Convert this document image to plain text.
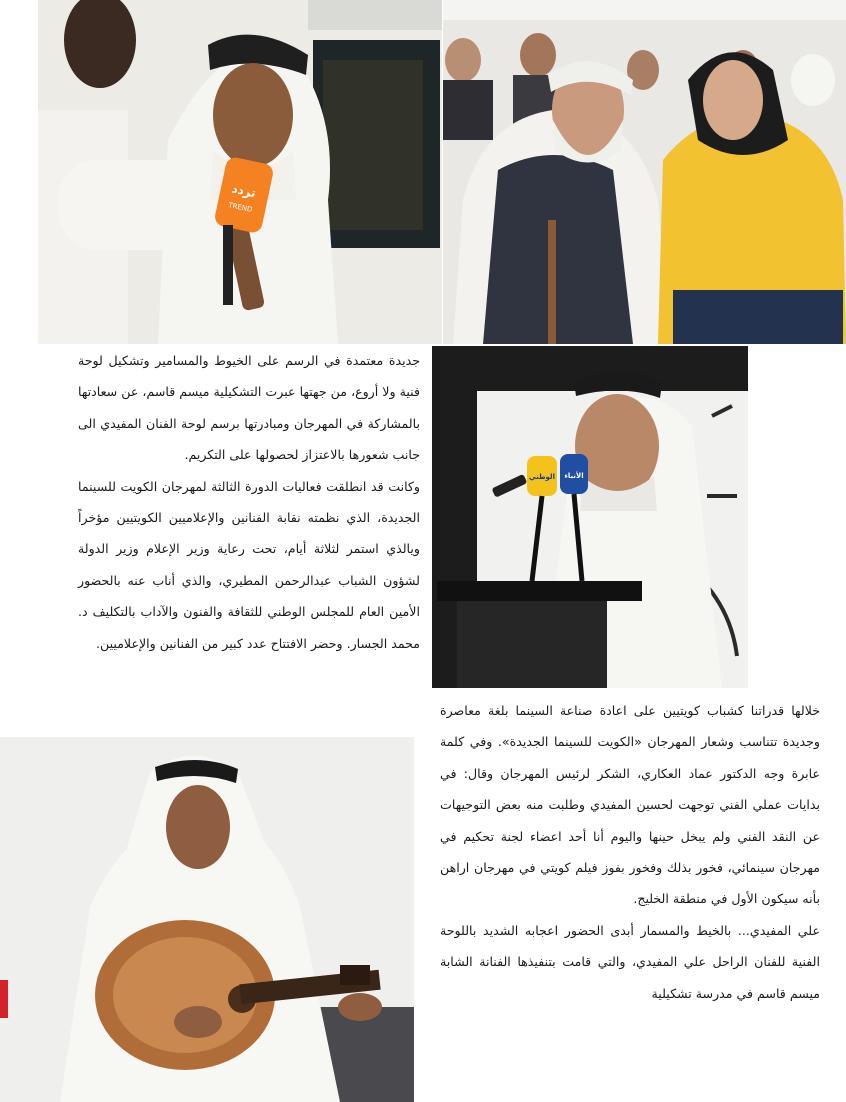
تردد
TREND
الوطني الأنباء

جديدة معتمدة في الرسم على الخيوط والمسامير وتشكيل لوحة فنية ولا أروع، من جهتها عبرت التشكيلية ميسم قاسم، عن سعادتها بالمشاركة في المهرجان ومبادرتها برسم لوحة الفنان المفيدي الى جانب شعورها بالاعتزاز لحصولها على التكريم.

وكانت قد انطلقت فعاليات الدورة الثالثة لمهرجان الكويت للسينما الجديدة، الذي نظمته نقابة الفنانين والإعلاميين الكويتيين مؤخراً ويالذي استمر لثلاثة أيام، تحت رعاية وزير الإعلام وزير الدولة لشؤون الشباب عبدالرحمن المطيري، والذي أناب عنه بالحضور الأمين العام للمجلس الوطني للثقافة والفنون والآداب بالتكليف د. محمد الجسار. وحضر الافتتاح عدد كبير من الفنانين والإعلاميين.

خلالها قدراتنا كشباب كويتيين على اعادة صناعة السينما بلغة معاصرة وجديدة تتناسب وشعار المهرجان «الكويت للسينما الجديدة». وفي كلمة عابرة وجه الدكتور عماد العكاري، الشكر لرئيس المهرجان وقال: في بدايات عملي الفني توجهت لحسين المفيدي وطلبت منه بعض التوجيهات عن النقد الفني ولم يبخل حينها واليوم أنا أحد اعضاء لجنة تحكيم في مهرجان سينمائي، فخور بذلك وفخور بفوز فيلم كويتي في مهرجان اراهن بأنه سيكون الأول في منطقة الخليج.

علي المفيدي... بالخيط والمسمار أبدى الحضور اعجابه الشديد باللوحة الفنية للفنان الراحل علي المفيدي، والتي قامت بتنفيذها الفنانة الشابة ميسم قاسم في مدرسة تشكيلية
